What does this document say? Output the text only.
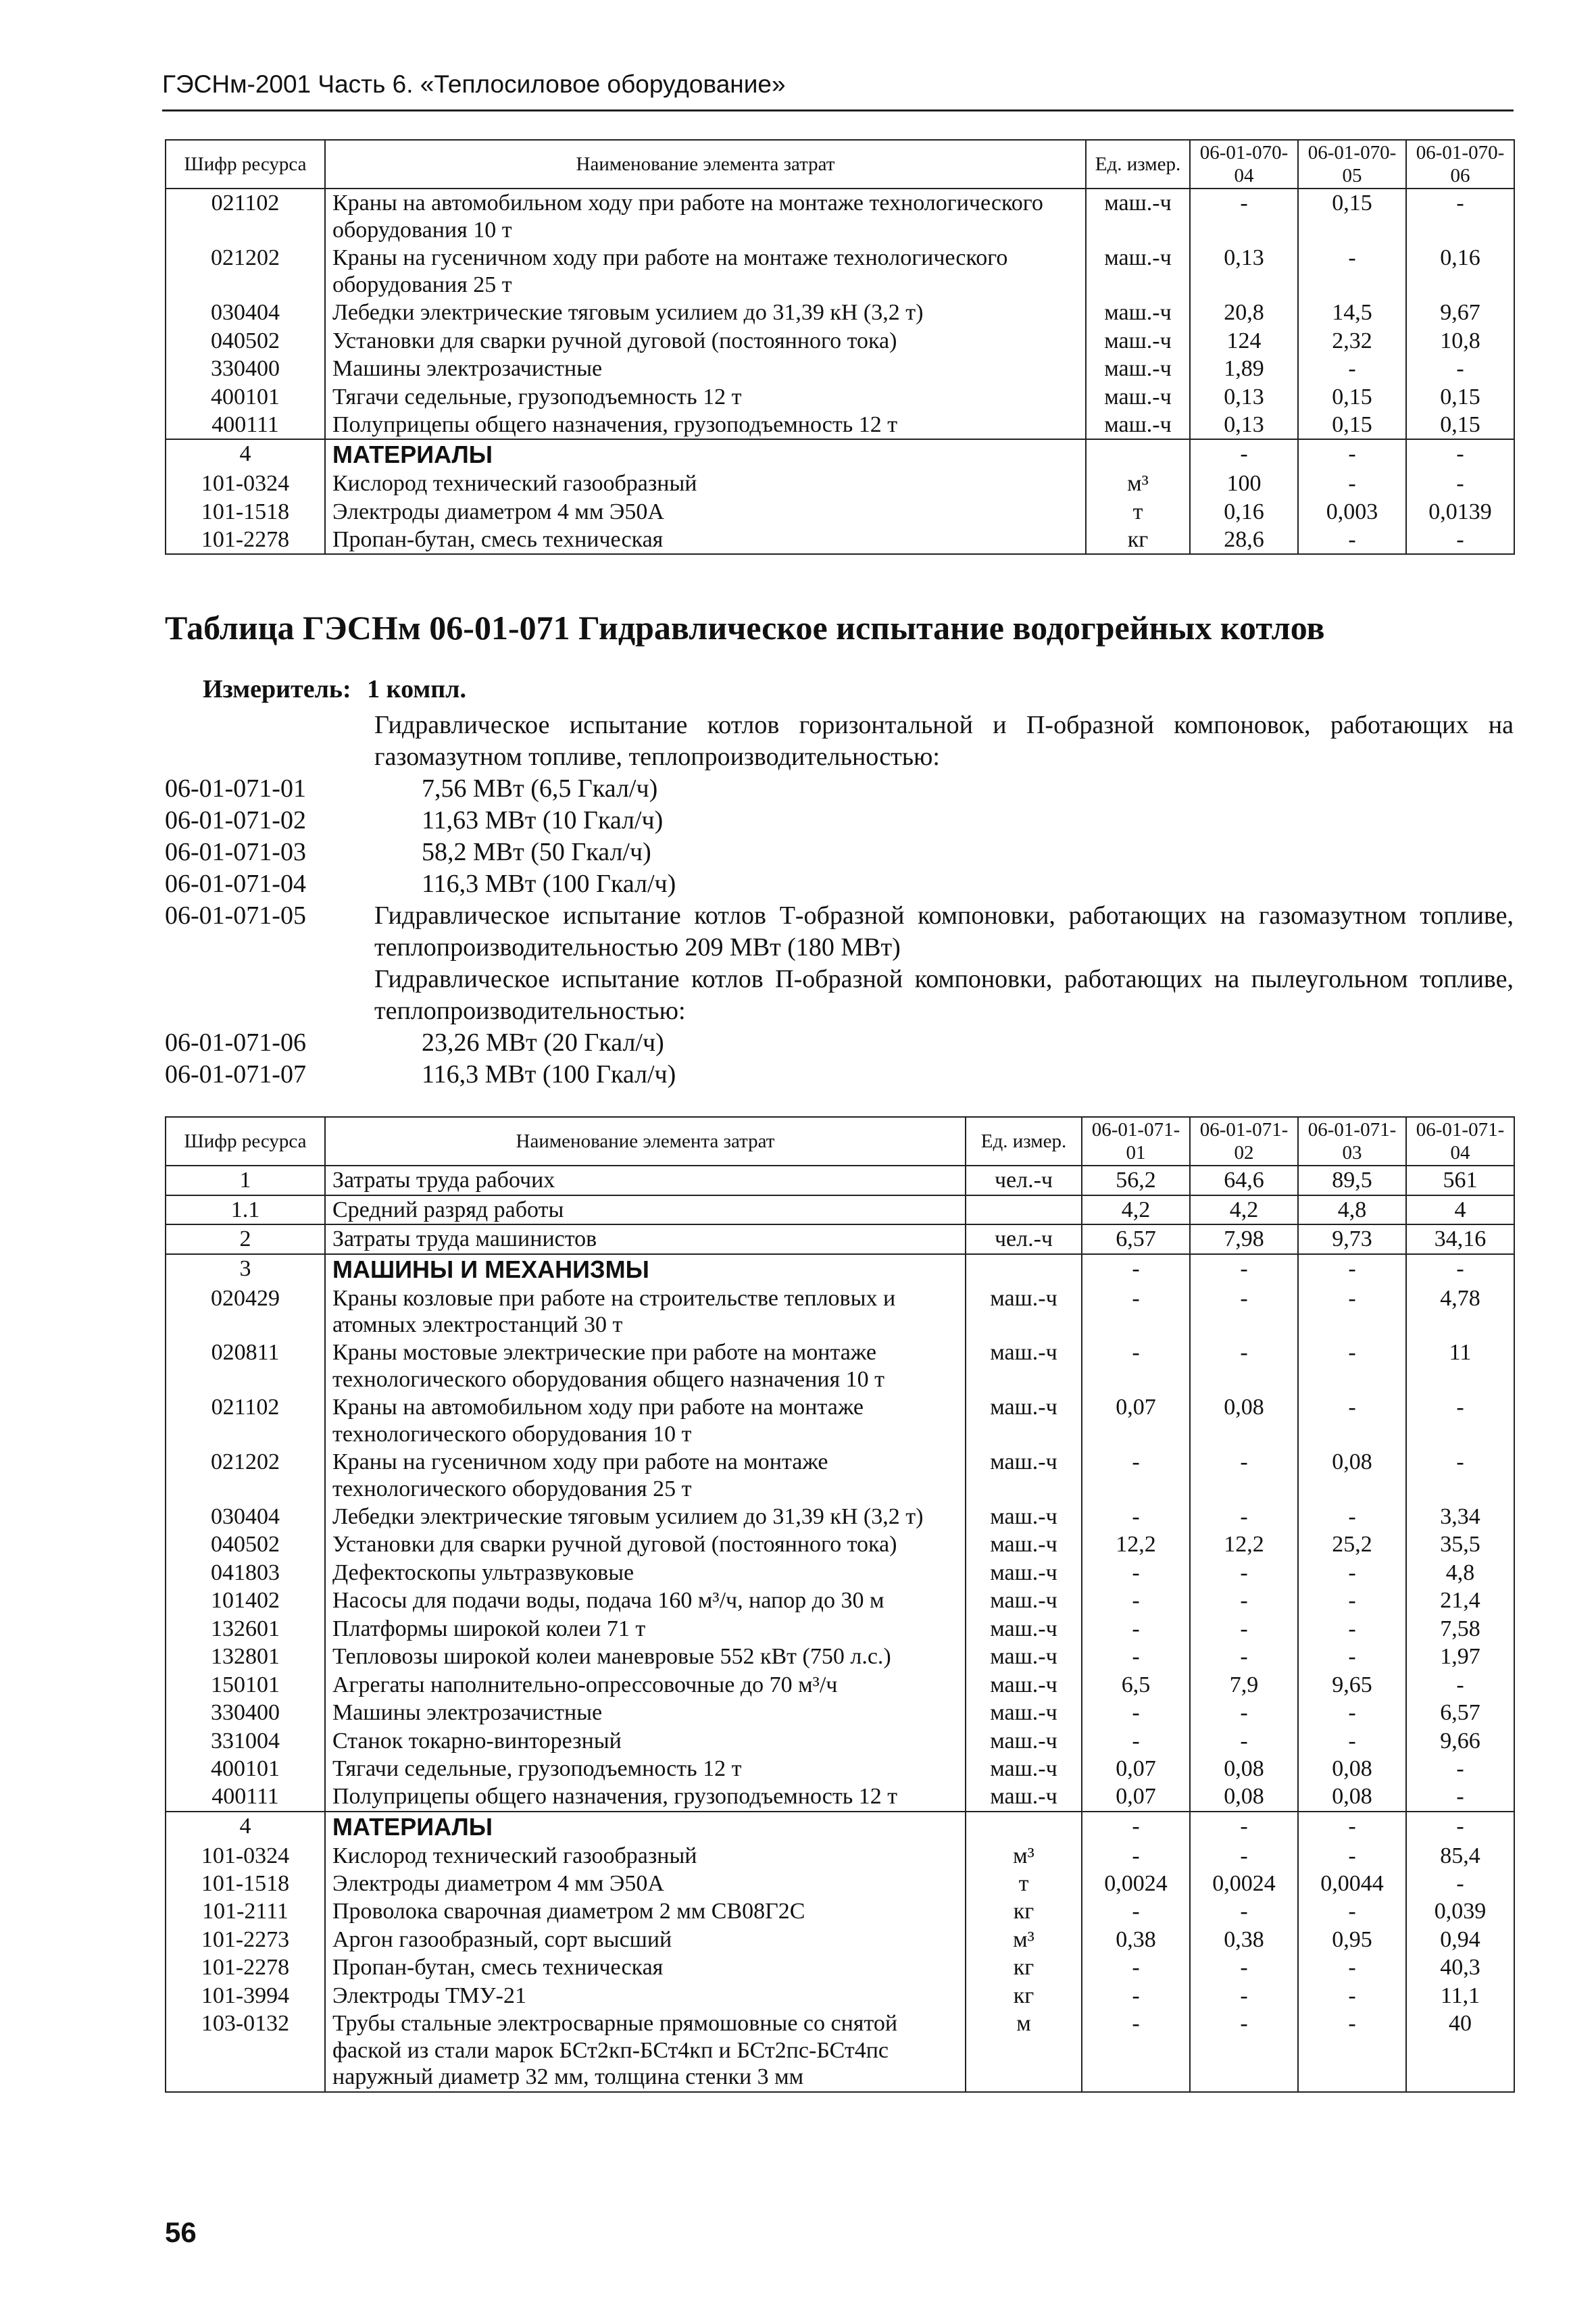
ГЭСНм-2001 Часть 6. «Теплосиловое оборудование»
Шифр ресурса	Наименование элемента затрат	Ед. измер.	06-01-070-04	06-01-070-05	06-01-070-06
021102	Краны на автомобильном ходу при работе на монтаже технологического оборудования 10 т	маш.-ч	-	0,15	-
021202	Краны на гусеничном ходу при работе на монтаже технологического оборудования 25 т	маш.-ч	0,13	-	0,16
030404	Лебедки электрические тяговым усилием до 31,39 кН (3,2 т)	маш.-ч	20,8	14,5	9,67
040502	Установки для сварки ручной дуговой (постоянного тока)	маш.-ч	124	2,32	10,8
330400	Машины электрозачистные	маш.-ч	1,89	-	-
400101	Тягачи седельные, грузоподъемность 12 т	маш.-ч	0,13	0,15	0,15
400111	Полуприцепы общего назначения, грузоподъемность 12 т	маш.-ч	0,13	0,15	0,15
4	МАТЕРИАЛЫ		-	-	-
101-0324	Кислород технический газообразный	м³	100	-	-
101-1518	Электроды диаметром 4 мм Э50А	т	0,16	0,003	0,0139
101-2278	Пропан-бутан, смесь техническая	кг	28,6	-	-
Таблица ГЭСНм 06-01-071 Гидравлическое испытание водогрейных котлов
Измеритель: 1 компл.
Гидравлическое испытание котлов горизонтальной и П-образной компоновок, работающих на газомазутном топливе, теплопроизводительностью:
06-01-071-01	7,56 МВт (6,5 Гкал/ч)
06-01-071-02	11,63 МВт (10 Гкал/ч)
06-01-071-03	58,2 МВт (50 Гкал/ч)
06-01-071-04	116,3 МВт (100 Гкал/ч)
06-01-071-05	Гидравлическое испытание котлов Т-образной компоновки, работающих на газомазутном топливе, теплопроизводительностью 209 МВт (180 МВт)
Гидравлическое испытание котлов П-образной компоновки, работающих на пылеугольном топливе, теплопроизводительностью:
06-01-071-06	23,26 МВт (20 Гкал/ч)
06-01-071-07	116,3 МВт (100 Гкал/ч)
Шифр ресурса	Наименование элемента затрат	Ед. измер.	06-01-071-01	06-01-071-02	06-01-071-03	06-01-071-04
1	Затраты труда рабочих	чел.-ч	56,2	64,6	89,5	561
1.1	Средний разряд работы		4,2	4,2	4,8	4
2	Затраты труда машинистов	чел.-ч	6,57	7,98	9,73	34,16
3	МАШИНЫ И МЕХАНИЗМЫ		-	-	-	-
020429	Краны козловые при работе на строительстве тепловых и атомных электростанций 30 т	маш.-ч	-	-	-	4,78
020811	Краны мостовые электрические при работе на монтаже технологического оборудования общего назначения 10 т	маш.-ч	-	-	-	11
021102	Краны на автомобильном ходу при работе на монтаже технологического оборудования 10 т	маш.-ч	0,07	0,08	-	-
021202	Краны на гусеничном ходу при работе на монтаже технологического оборудования 25 т	маш.-ч	-	-	0,08	-
030404	Лебедки электрические тяговым усилием до 31,39 кН (3,2 т)	маш.-ч	-	-	-	3,34
040502	Установки для сварки ручной дуговой (постоянного тока)	маш.-ч	12,2	12,2	25,2	35,5
041803	Дефектоскопы ультразвуковые	маш.-ч	-	-	-	4,8
101402	Насосы для подачи воды, подача 160 м³/ч, напор до 30 м	маш.-ч	-	-	-	21,4
132601	Платформы широкой колеи 71 т	маш.-ч	-	-	-	7,58
132801	Тепловозы широкой колеи маневровые 552 кВт (750 л.с.)	маш.-ч	-	-	-	1,97
150101	Агрегаты наполнительно-опрессовочные до 70 м³/ч	маш.-ч	6,5	7,9	9,65	-
330400	Машины электрозачистные	маш.-ч	-	-	-	6,57
331004	Станок токарно-винторезный	маш.-ч	-	-	-	9,66
400101	Тягачи седельные, грузоподъемность 12 т	маш.-ч	0,07	0,08	0,08	-
400111	Полуприцепы общего назначения, грузоподъемность 12 т	маш.-ч	0,07	0,08	0,08	-
4	МАТЕРИАЛЫ		-	-	-	-
101-0324	Кислород технический газообразный	м³	-	-	-	85,4
101-1518	Электроды диаметром 4 мм Э50А	т	0,0024	0,0024	0,0044	-
101-2111	Проволока сварочная диаметром 2 мм СВ08Г2С	кг	-	-	-	0,039
101-2273	Аргон газообразный, сорт высший	м³	0,38	0,38	0,95	0,94
101-2278	Пропан-бутан, смесь техническая	кг	-	-	-	40,3
101-3994	Электроды ТМУ-21	кг	-	-	-	11,1
103-0132	Трубы стальные электросварные прямошовные со снятой фаской из стали марок БСт2кп-БСт4кп и БСт2пс-БСт4пс наружный диаметр 32 мм, толщина стенки 3 мм	м	-	-	-	40
56
